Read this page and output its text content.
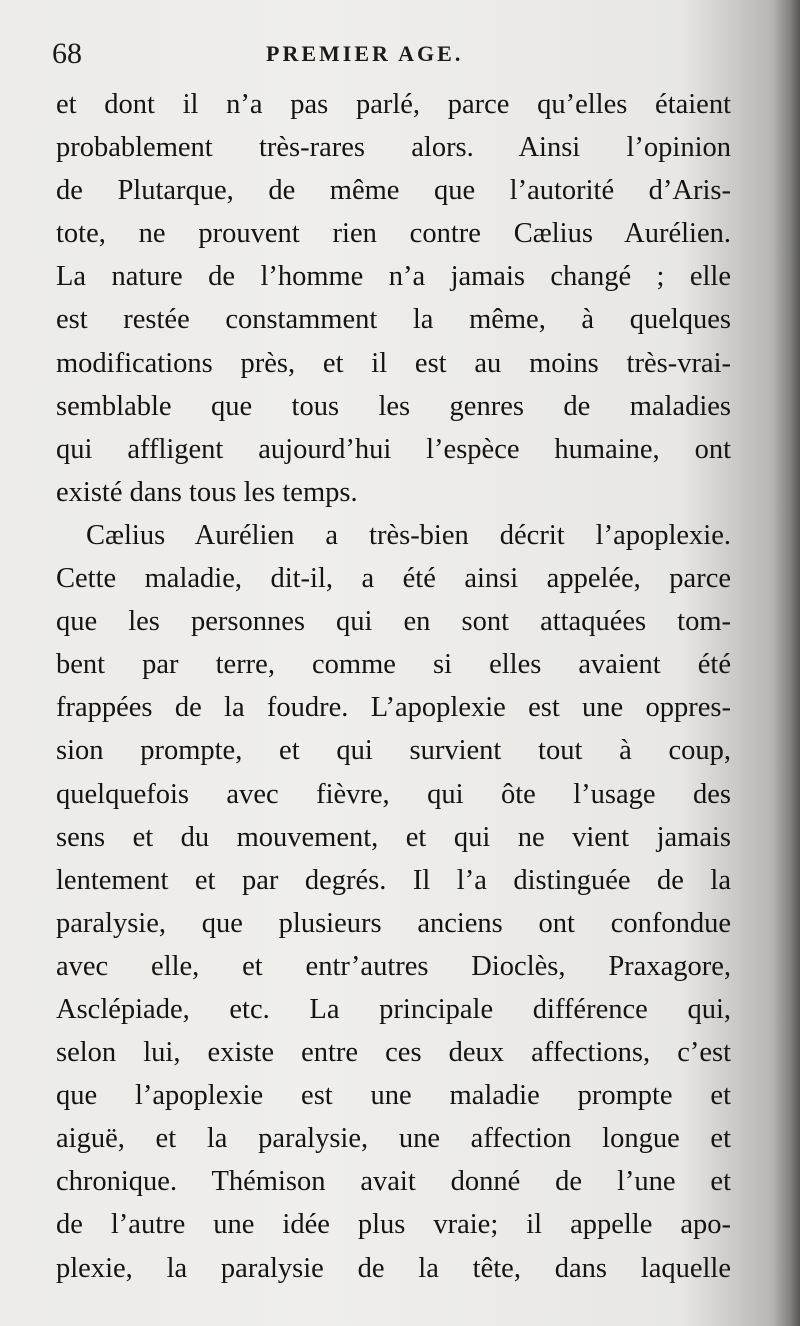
68	PREMIER AGE.
et dont il n’a pas parlé, parce qu’elles étaient
probablement très-rares alors. Ainsi l’opinion
de Plutarque, de même que l’autorité d’Aris-
tote, ne prouvent rien contre Cælius Aurélien.
La nature de l’homme n’a jamais changé ; elle
est restée constamment la même, à quelques
modifications près, et il est au moins très-vrai-
semblable que tous les genres de maladies
qui affligent aujourd’hui l’espèce humaine, ont
existé dans tous les temps.
Cælius Aurélien a très-bien décrit l’apoplexie.
Cette maladie, dit-il, a été ainsi appelée, parce
que les personnes qui en sont attaquées tom-
bent par terre, comme si elles avaient été
frappées de la foudre. L’apoplexie est une oppres-
sion prompte, et qui survient tout à coup,
quelquefois avec fièvre, qui ôte l’usage des
sens et du mouvement, et qui ne vient jamais
lentement et par degrés. Il l’a distinguée de la
paralysie, que plusieurs anciens ont confondue
avec elle, et entr’autres Dioclès, Praxagore,
Asclépiade, etc. La principale différence qui,
selon lui, existe entre ces deux affections, c’est
que l’apoplexie est une maladie prompte et
aiguë, et la paralysie, une affection longue et
chronique. Thémison avait donné de l’une et
de l’autre une idée plus vraie; il appelle apo-
plexie, la paralysie de la tête, dans laquelle
